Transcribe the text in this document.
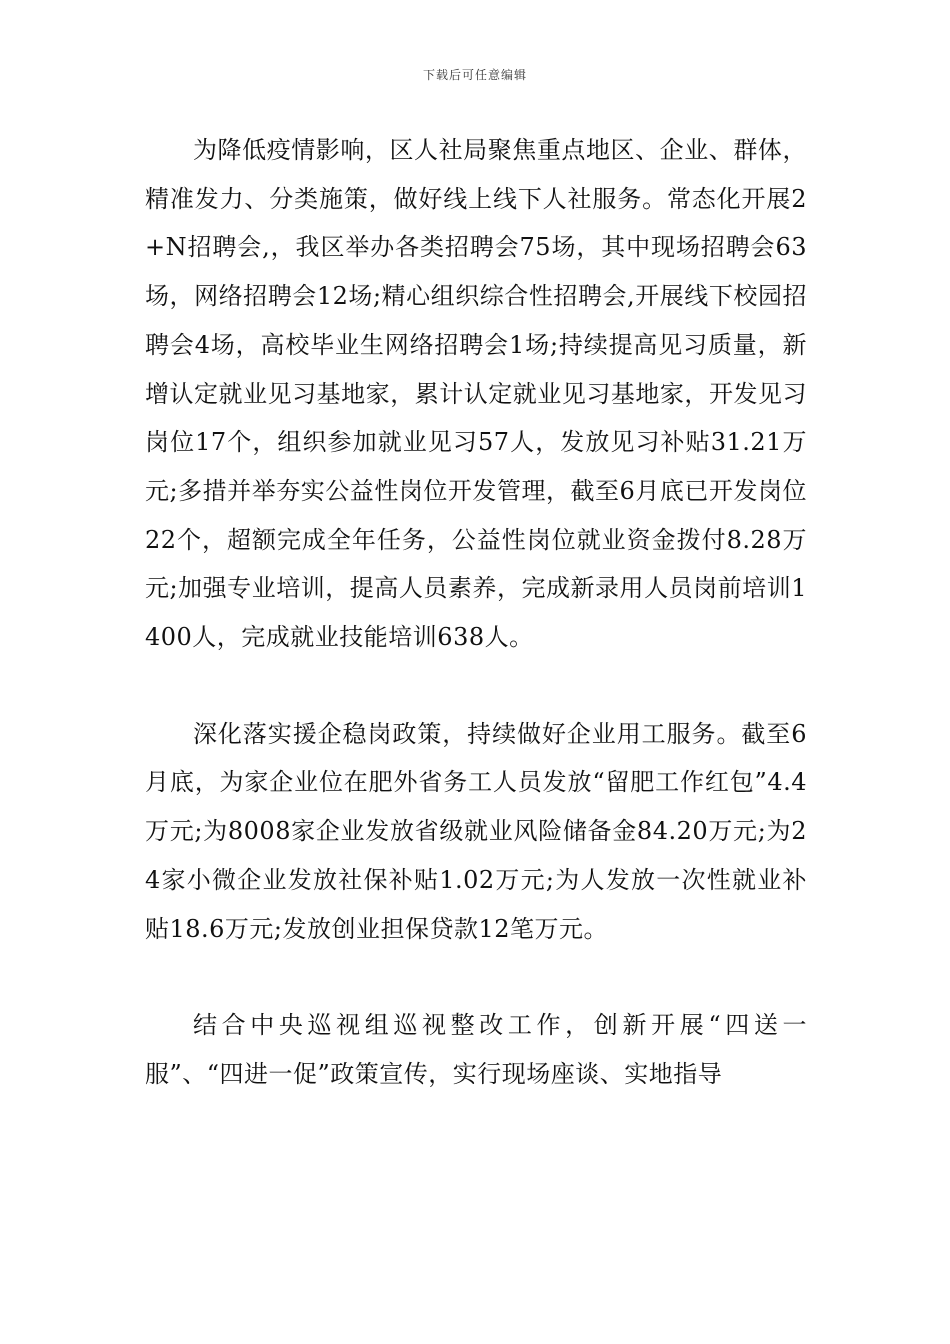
下载后可任意编辑

为降低疫情影响，区人社局聚焦重点地区、企业、群体，精准发力、分类施策，做好线上线下人社服务。常态化开展2+N招聘会,，我区举办各类招聘会75场，其中现场招聘会63场，网络招聘会12场;精心组织综合性招聘会,开展线下校园招聘会4场，高校毕业生网络招聘会1场;持续提高见习质量，新增认定就业见习基地家，累计认定就业见习基地家，开发见习岗位17个，组织参加就业见习57人，发放见习补贴31.21万元;多措并举夯实公益性岗位开发管理，截至6月底已开发岗位22个，超额完成全年任务，公益性岗位就业资金拨付8.28万元;加强专业培训，提高人员素养，完成新录用人员岗前培训1400人，完成就业技能培训638人。

深化落实援企稳岗政策，持续做好企业用工服务。截至6月底，为家企业位在肥外省务工人员发放“留肥工作红包”4.4万元;为8008家企业发放省级就业风险储备金84.20万元;为24家小微企业发放社保补贴1.02万元;为人发放一次性就业补贴18.6万元;发放创业担保贷款12笔万元。

结合中央巡视组巡视整改工作，创新开展“四送一服”、“四进一促”政策宣传，实行现场座谈、实地指导
